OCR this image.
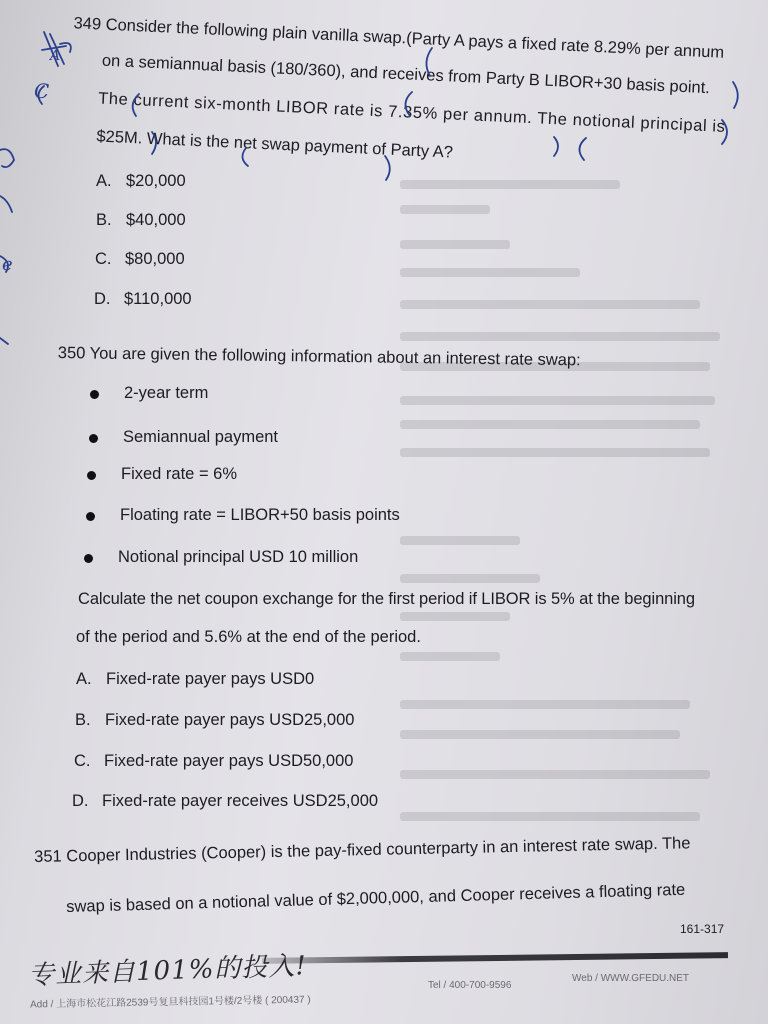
349 Consider the following plain vanilla swap.(Party A pays a fixed rate 8.29% per annum
on a semiannual basis (180/360), and receives from Party B LIBOR+30 basis point.
The current six-month LIBOR rate is 7.35% per annum. The notional principal is
$25M. What is the net swap payment of Party A?
A. $20,000
B. $40,000
C. $80,000
D. $110,000
350 You are given the following information about an interest rate swap:
2-year term
Semiannual payment
Fixed rate = 6%
Floating rate = LIBOR+50 basis points
Notional principal USD 10 million
Calculate the net coupon exchange for the first period if LIBOR is 5% at the beginning
of the period and 5.6% at the end of the period.
A. Fixed-rate payer pays USD0
B. Fixed-rate payer pays USD25,000
C. Fixed-rate payer pays USD50,000
D. Fixed-rate payer receives USD25,000
351 Cooper Industries (Cooper) is the pay-fixed counterparty in an interest rate swap. The
swap is based on a notional value of $2,000,000, and Cooper receives a floating rate
A
C
e
161-317
专业来自101%的投入!	Web / WWW.GFEDU.NET
Tel / 400-700-9596
Add / 上海市松花江路2539号复旦科技园1号楼/2号楼 ( 200437 )
